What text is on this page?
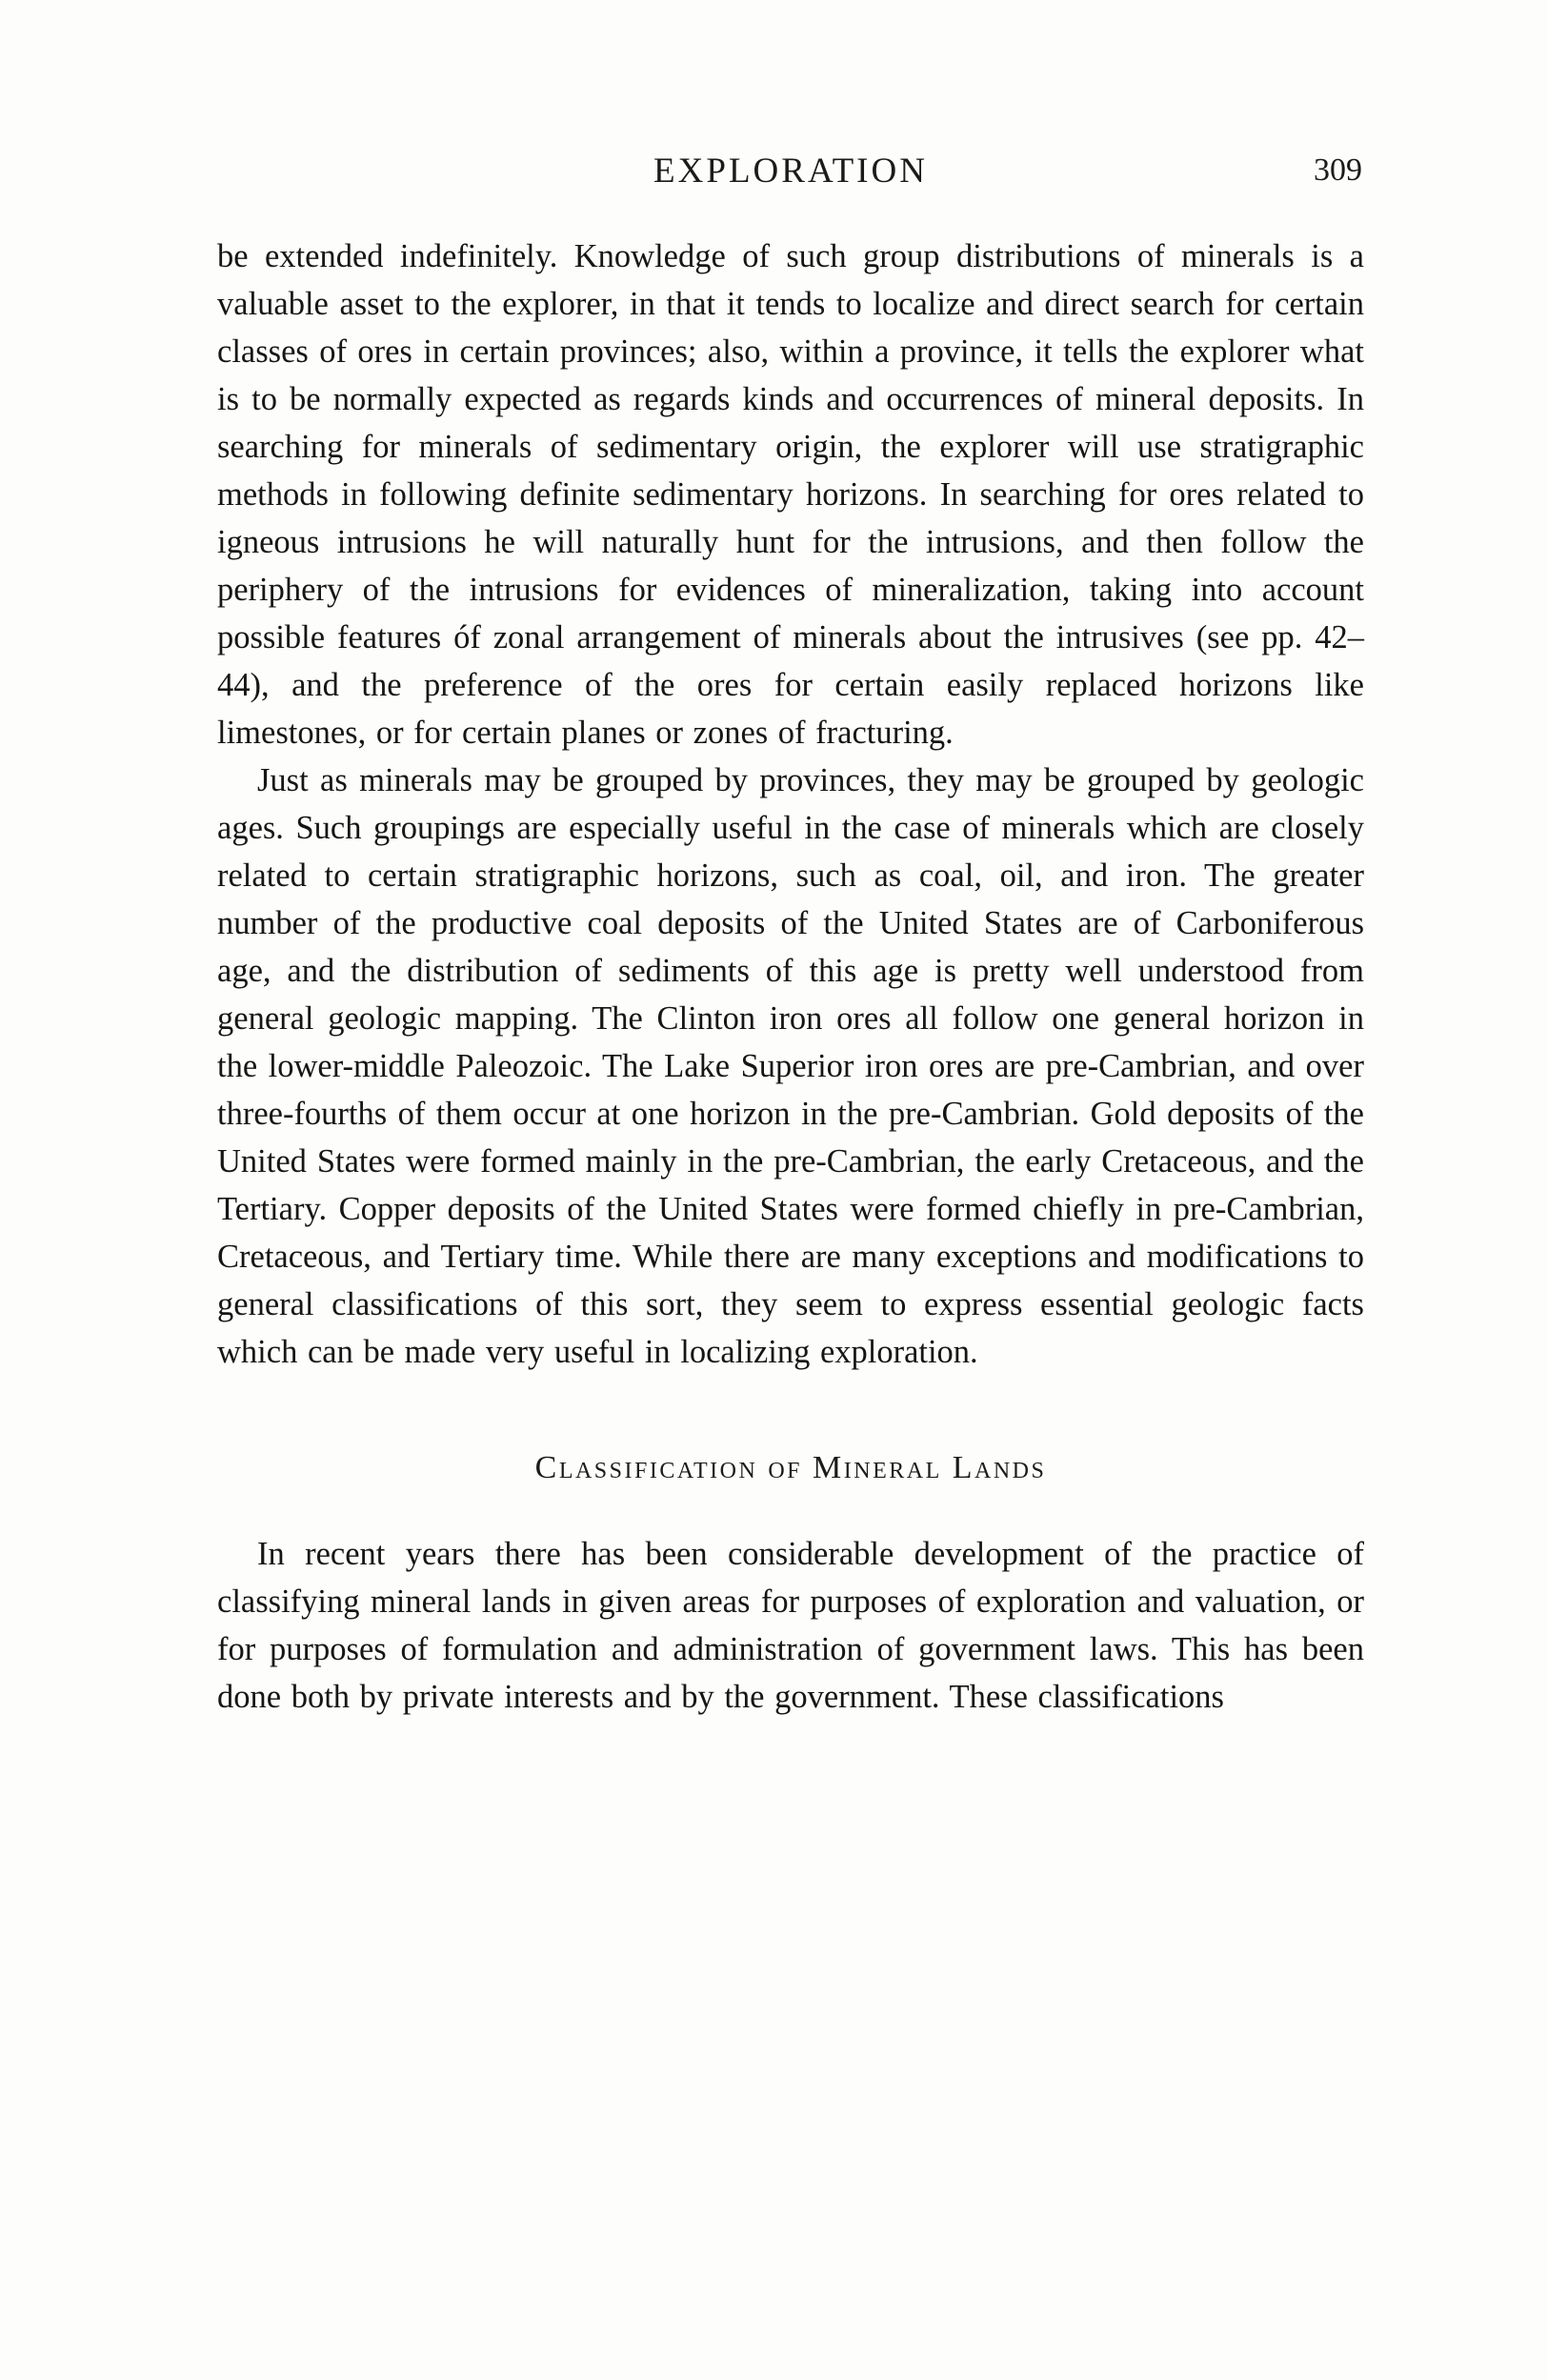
EXPLORATION	309

be extended indefinitely. Knowledge of such group distributions of minerals is a valuable asset to the explorer, in that it tends to localize and direct search for certain classes of ores in certain provinces; also, within a province, it tells the explorer what is to be normally expected as regards kinds and occurrences of mineral deposits. In searching for minerals of sedimentary origin, the explorer will use stratigraphic methods in following definite sedimentary horizons. In searching for ores related to igneous intrusions he will naturally hunt for the intrusions, and then follow the periphery of the intrusions for evidences of mineralization, taking into account possible features óf zonal arrangement of minerals about the intrusives (see pp. 42–44), and the preference of the ores for certain easily replaced horizons like limestones, or for certain planes or zones of fracturing.

Just as minerals may be grouped by provinces, they may be grouped by geologic ages. Such groupings are especially useful in the case of minerals which are closely related to certain stratigraphic horizons, such as coal, oil, and iron. The greater number of the productive coal deposits of the United States are of Carboniferous age, and the distribution of sediments of this age is pretty well understood from general geologic mapping. The Clinton iron ores all follow one general horizon in the lower-middle Paleozoic. The Lake Superior iron ores are pre-Cambrian, and over three-fourths of them occur at one horizon in the pre-Cambrian. Gold deposits of the United States were formed mainly in the pre-Cambrian, the early Cretaceous, and the Tertiary. Copper deposits of the United States were formed chiefly in pre-Cambrian, Cretaceous, and Tertiary time. While there are many exceptions and modifications to general classifications of this sort, they seem to express essential geologic facts which can be made very useful in localizing exploration.

Classification of Mineral Lands

In recent years there has been considerable development of the practice of classifying mineral lands in given areas for purposes of exploration and valuation, or for purposes of formulation and administration of government laws. This has been done both by private interests and by the government. These classifications
